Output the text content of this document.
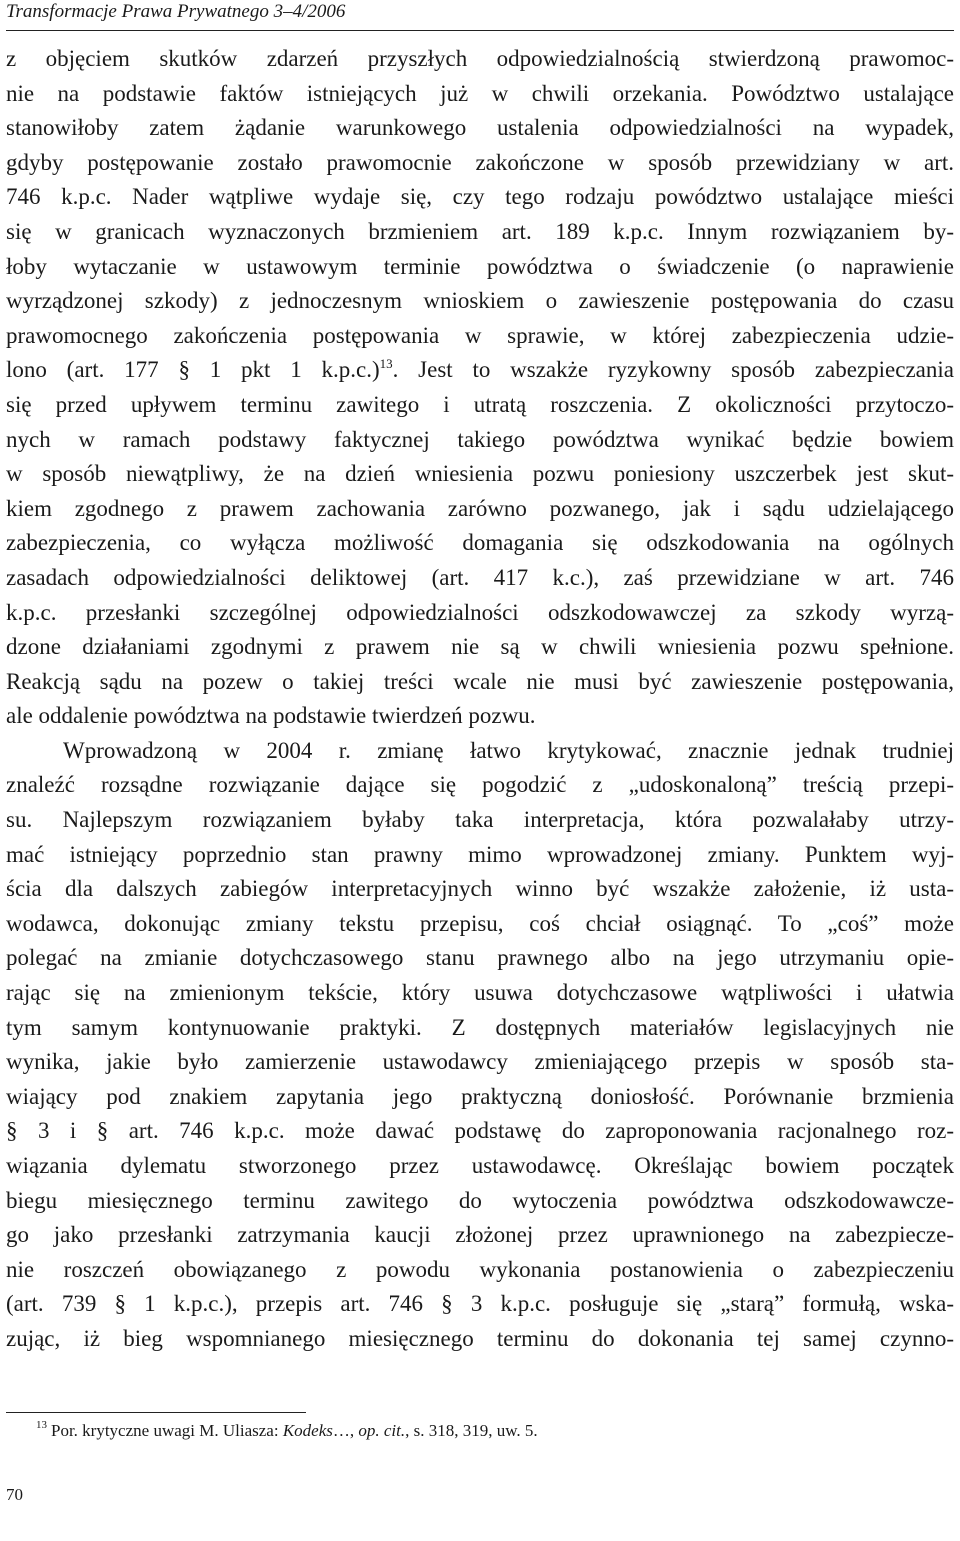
Transformacje Prawa Prywatnego 3–4/2006
z objęciem skutków zdarzeń przyszłych odpowiedzialnością stwierdzoną prawomoc-
nie na podstawie faktów istniejących już w chwili orzekania. Powództwo ustalające
stanowiłoby zatem żądanie warunkowego ustalenia odpowiedzialności na wypadek,
gdyby postępowanie zostało prawomocnie zakończone w sposób przewidziany w art.
746 k.p.c. Nader wątpliwe wydaje się, czy tego rodzaju powództwo ustalające mieści
się w granicach wyznaczonych brzmieniem art. 189 k.p.c. Innym rozwiązaniem by-
łoby wytaczanie w ustawowym terminie powództwa o świadczenie (o naprawienie
wyrządzonej szkody) z jednoczesnym wnioskiem o zawieszenie postępowania do czasu
prawomocnego zakończenia postępowania w sprawie, w której zabezpieczenia udzie-
lono (art. 177 § 1 pkt 1 k.p.c.)$^{13}$. Jest to wszakże ryzykowny sposób zabezpieczania
się przed upływem terminu zawitego i utratą roszczenia. Z okoliczności przytoczo-
nych w ramach podstawy faktycznej takiego powództwa wynikać będzie bowiem
w sposób niewątpliwy, że na dzień wniesienia pozwu poniesiony uszczerbek jest skut-
kiem zgodnego z prawem zachowania zarówno pozwanego, jak i sądu udzielającego
zabezpieczenia, co wyłącza możliwość domagania się odszkodowania na ogólnych
zasadach odpowiedzialności deliktowej (art. 417 k.c.), zaś przewidziane w art. 746
k.p.c. przesłanki szczególnej odpowiedzialności odszkodowawczej za szkody wyrzą-
dzone działaniami zgodnymi z prawem nie są w chwili wniesienia pozwu spełnione.
Reakcją sądu na pozew o takiej treści wcale nie musi być zawieszenie postępowania,
ale oddalenie powództwa na podstawie twierdzeń pozwu.
Wprowadzoną w 2004 r. zmianę łatwo krytykować, znacznie jednak trudniej
znaleźć rozsądne rozwiązanie dające się pogodzić z „udoskonaloną” treścią przepi-
su. Najlepszym rozwiązaniem byłaby taka interpretacja, która pozwalałaby utrzy-
mać istniejący poprzednio stan prawny mimo wprowadzonej zmiany. Punktem wyj-
ścia dla dalszych zabiegów interpretacyjnych winno być wszakże założenie, iż usta-
wodawca, dokonując zmiany tekstu przepisu, coś chciał osiągnąć. To „coś” może
polegać na zmianie dotychczasowego stanu prawnego albo na jego utrzymaniu opie-
rając się na zmienionym tekście, który usuwa dotychczasowe wątpliwości i ułatwia
tym samym kontynuowanie praktyki. Z dostępnych materiałów legislacyjnych nie
wynika, jakie było zamierzenie ustawodawcy zmieniającego przepis w sposób sta-
wiający pod znakiem zapytania jego praktyczną doniosłość. Porównanie brzmienia
§ 3 i § art. 746 k.p.c. może dawać podstawę do zaproponowania racjonalnego roz-
wiązania dylematu stworzonego przez ustawodawcę. Określając bowiem początek
biegu miesięcznego terminu zawitego do wytoczenia powództwa odszkodowawcze-
go jako przesłanki zatrzymania kaucji złożonej przez uprawnionego na zabezpiecze-
nie roszczeń obowiązanego z powodu wykonania postanowienia o zabezpieczeniu
(art. 739 § 1 k.p.c.), przepis art. 746 § 3 k.p.c. posługuje się „starą” formułą, wska-
zując, iż bieg wspomnianego miesięcznego terminu do dokonania tej samej czynno-
$^{13}$ Por. krytyczne uwagi M. Uliasza: Kodeks…, op. cit., s. 318, 319, uw. 5.
70
